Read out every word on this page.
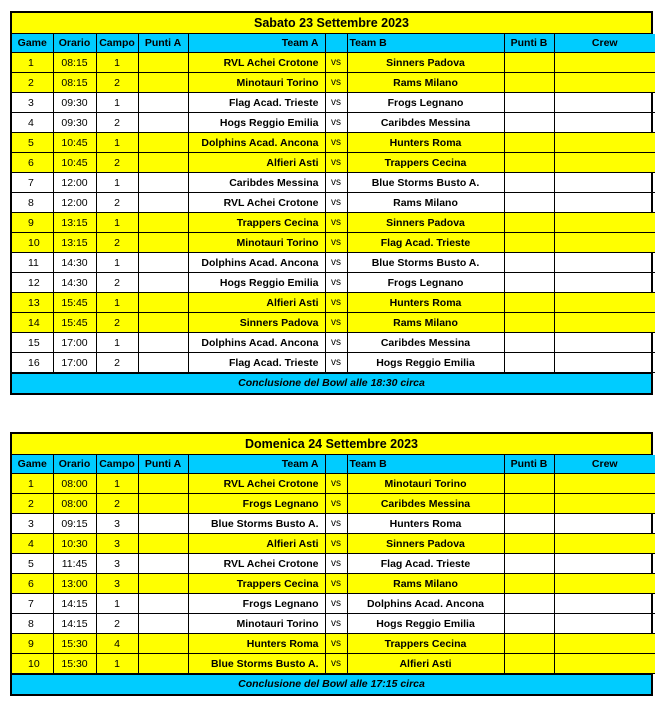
Sabato 23 Settembre 2023
Game	Orario	Campo	Punti A	Team A		Team B	Punti B	Crew
1	08:15	1		RVL Achei Crotone	vs	Sinners Padova		
2	08:15	2		Minotauri Torino	vs	Rams Milano		
3	09:30	1		Flag Acad. Trieste	vs	Frogs Legnano		
4	09:30	2		Hogs Reggio Emilia	vs	Caribdes Messina		
5	10:45	1		Dolphins Acad. Ancona	vs	Hunters Roma		
6	10:45	2		Alfieri Asti	vs	Trappers Cecina		
7	12:00	1		Caribdes Messina	vs	Blue Storms Busto A.		
8	12:00	2		RVL Achei Crotone	vs	Rams Milano		
9	13:15	1		Trappers Cecina	vs	Sinners Padova		
10	13:15	2		Minotauri Torino	vs	Flag Acad. Trieste		
11	14:30	1		Dolphins Acad. Ancona	vs	Blue Storms Busto A.		
12	14:30	2		Hogs Reggio Emilia	vs	Frogs Legnano		
13	15:45	1		Alfieri Asti	vs	Hunters Roma		
14	15:45	2		Sinners Padova	vs	Rams Milano		
15	17:00	1		Dolphins Acad. Ancona	vs	Caribdes Messina		
16	17:00	2		Flag Acad. Trieste	vs	Hogs Reggio Emilia		
Conclusione del Bowl alle 18:30 circa
Domenica 24 Settembre 2023
Game	Orario	Campo	Punti A	Team A		Team B	Punti B	Crew
1	08:00	1		RVL Achei Crotone	vs	Minotauri Torino		
2	08:00	2		Frogs Legnano	vs	Caribdes Messina		
3	09:15	3		Blue Storms Busto A.	vs	Hunters Roma		
4	10:30	3		Alfieri Asti	vs	Sinners Padova		
5	11:45	3		RVL Achei Crotone	vs	Flag Acad. Trieste		
6	13:00	3		Trappers Cecina	vs	Rams Milano		
7	14:15	1		Frogs Legnano	vs	Dolphins Acad. Ancona		
8	14:15	2		Minotauri Torino	vs	Hogs Reggio Emilia		
9	15:30	4		Hunters Roma	vs	Trappers Cecina		
10	15:30	1		Blue Storms Busto A.	vs	Alfieri Asti		
Conclusione del Bowl alle 17:15 circa
